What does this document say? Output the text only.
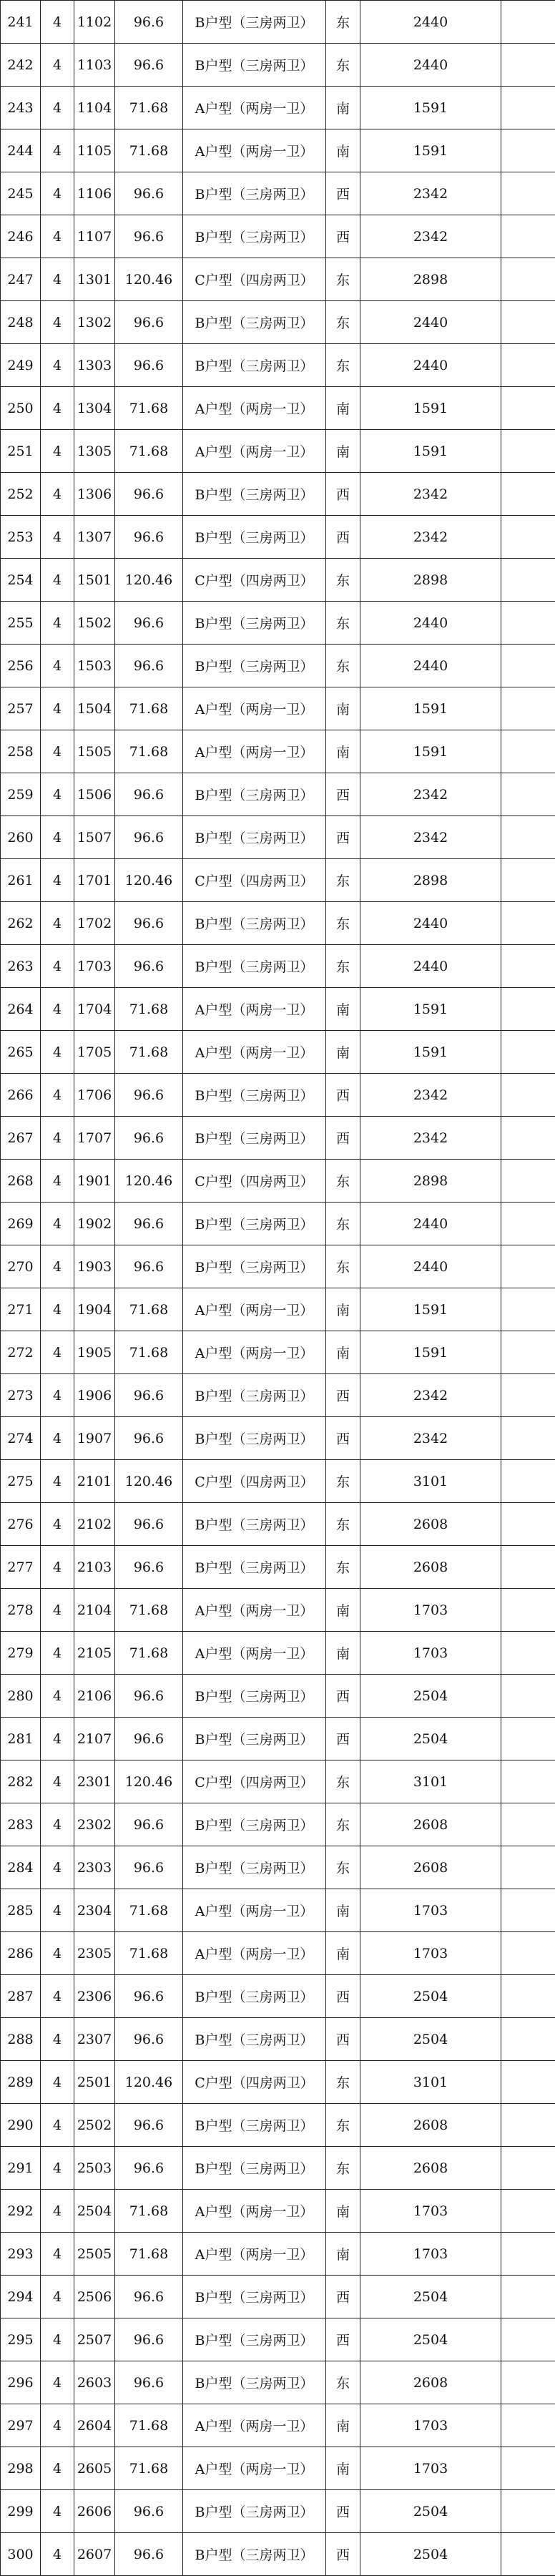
241	4	1102	96.6	B户型（三房两卫）	东	2440	
242	4	1103	96.6	B户型（三房两卫）	东	2440	
243	4	1104	71.68	A户型（两房一卫）	南	1591	
244	4	1105	71.68	A户型（两房一卫）	南	1591	
245	4	1106	96.6	B户型（三房两卫）	西	2342	
246	4	1107	96.6	B户型（三房两卫）	西	2342	
247	4	1301	120.46	C户型（四房两卫）	东	2898	
248	4	1302	96.6	B户型（三房两卫）	东	2440	
249	4	1303	96.6	B户型（三房两卫）	东	2440	
250	4	1304	71.68	A户型（两房一卫）	南	1591	
251	4	1305	71.68	A户型（两房一卫）	南	1591	
252	4	1306	96.6	B户型（三房两卫）	西	2342	
253	4	1307	96.6	B户型（三房两卫）	西	2342	
254	4	1501	120.46	C户型（四房两卫）	东	2898	
255	4	1502	96.6	B户型（三房两卫）	东	2440	
256	4	1503	96.6	B户型（三房两卫）	东	2440	
257	4	1504	71.68	A户型（两房一卫）	南	1591	
258	4	1505	71.68	A户型（两房一卫）	南	1591	
259	4	1506	96.6	B户型（三房两卫）	西	2342	
260	4	1507	96.6	B户型（三房两卫）	西	2342	
261	4	1701	120.46	C户型（四房两卫）	东	2898	
262	4	1702	96.6	B户型（三房两卫）	东	2440	
263	4	1703	96.6	B户型（三房两卫）	东	2440	
264	4	1704	71.68	A户型（两房一卫）	南	1591	
265	4	1705	71.68	A户型（两房一卫）	南	1591	
266	4	1706	96.6	B户型（三房两卫）	西	2342	
267	4	1707	96.6	B户型（三房两卫）	西	2342	
268	4	1901	120.46	C户型（四房两卫）	东	2898	
269	4	1902	96.6	B户型（三房两卫）	东	2440	
270	4	1903	96.6	B户型（三房两卫）	东	2440	
271	4	1904	71.68	A户型（两房一卫）	南	1591	
272	4	1905	71.68	A户型（两房一卫）	南	1591	
273	4	1906	96.6	B户型（三房两卫）	西	2342	
274	4	1907	96.6	B户型（三房两卫）	西	2342	
275	4	2101	120.46	C户型（四房两卫）	东	3101	
276	4	2102	96.6	B户型（三房两卫）	东	2608	
277	4	2103	96.6	B户型（三房两卫）	东	2608	
278	4	2104	71.68	A户型（两房一卫）	南	1703	
279	4	2105	71.68	A户型（两房一卫）	南	1703	
280	4	2106	96.6	B户型（三房两卫）	西	2504	
281	4	2107	96.6	B户型（三房两卫）	西	2504	
282	4	2301	120.46	C户型（四房两卫）	东	3101	
283	4	2302	96.6	B户型（三房两卫）	东	2608	
284	4	2303	96.6	B户型（三房两卫）	东	2608	
285	4	2304	71.68	A户型（两房一卫）	南	1703	
286	4	2305	71.68	A户型（两房一卫）	南	1703	
287	4	2306	96.6	B户型（三房两卫）	西	2504	
288	4	2307	96.6	B户型（三房两卫）	西	2504	
289	4	2501	120.46	C户型（四房两卫）	东	3101	
290	4	2502	96.6	B户型（三房两卫）	东	2608	
291	4	2503	96.6	B户型（三房两卫）	东	2608	
292	4	2504	71.68	A户型（两房一卫）	南	1703	
293	4	2505	71.68	A户型（两房一卫）	南	1703	
294	4	2506	96.6	B户型（三房两卫）	西	2504	
295	4	2507	96.6	B户型（三房两卫）	西	2504	
296	4	2603	96.6	B户型（三房两卫）	东	2608	
297	4	2604	71.68	A户型（两房一卫）	南	1703	
298	4	2605	71.68	A户型（两房一卫）	南	1703	
299	4	2606	96.6	B户型（三房两卫）	西	2504	
300	4	2607	96.6	B户型（三房两卫）	西	2504	
